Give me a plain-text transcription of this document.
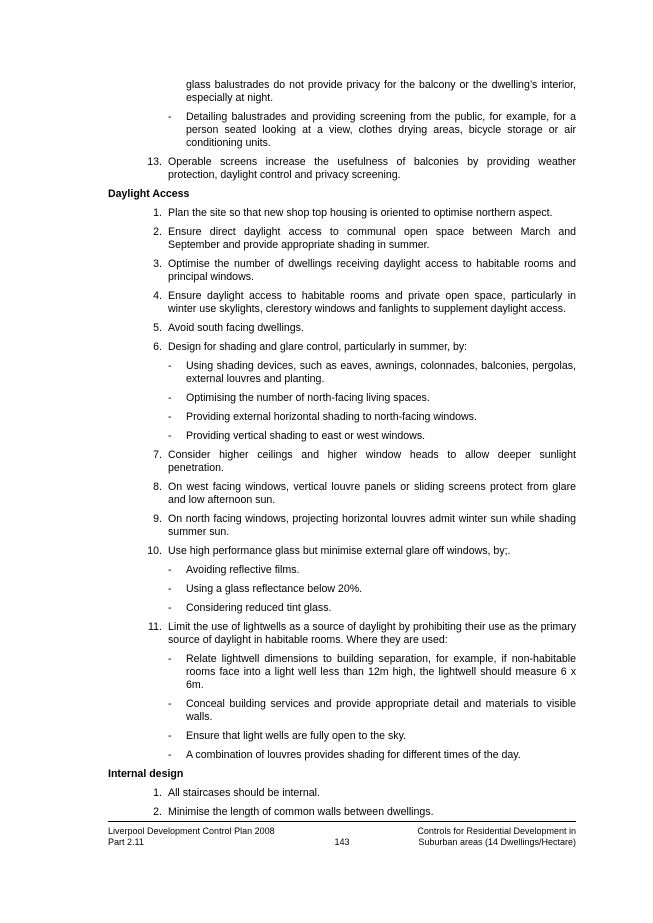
glass balustrades do not provide privacy for the balcony or the dwelling’s interior, especially at night.
- Detailing balustrades and providing screening from the public, for example, for a person seated looking at a view, clothes drying areas, bicycle storage or air conditioning units.
13. Operable screens increase the usefulness of balconies by providing weather protection, daylight control and privacy screening.
Daylight Access
1. Plan the site so that new shop top housing is oriented to optimise northern aspect.
2. Ensure direct daylight access to communal open space between March and September and provide appropriate shading in summer.
3. Optimise the number of dwellings receiving daylight access to habitable rooms and principal windows.
4. Ensure daylight access to habitable rooms and private open space, particularly in winter use skylights, clerestory windows and fanlights to supplement daylight access.
5. Avoid south facing dwellings.
6. Design for shading and glare control, particularly in summer, by:
- Using shading devices, such as eaves, awnings, colonnades, balconies, pergolas, external louvres and planting.
- Optimising the number of north-facing living spaces.
- Providing external horizontal shading to north-facing windows.
- Providing vertical shading to east or west windows.
7. Consider higher ceilings and higher window heads to allow deeper sunlight penetration.
8. On west facing windows, vertical louvre panels or sliding screens protect from glare and low afternoon sun.
9. On north facing windows, projecting horizontal louvres admit winter sun while shading summer sun.
10. Use high performance glass but minimise external glare off windows, by;.
- Avoiding reflective films.
- Using a glass reflectance below 20%.
- Considering reduced tint glass.
11. Limit the use of lightwells as a source of daylight by prohibiting their use as the primary source of daylight in habitable rooms. Where they are used:
- Relate lightwell dimensions to building separation, for example, if non-habitable rooms face into a light well less than 12m high, the lightwell should measure 6 x 6m.
- Conceal building services and provide appropriate detail and materials to visible walls.
- Ensure that light wells are fully open to the sky.
- A combination of louvres provides shading for different times of the day.
Internal design
1. All staircases should be internal.
2. Minimise the length of common walls between dwellings.
Liverpool Development Control Plan 2008
Part 2.11	143
Controls for Residential Development in
Suburban areas (14 Dwellings/Hectare)
